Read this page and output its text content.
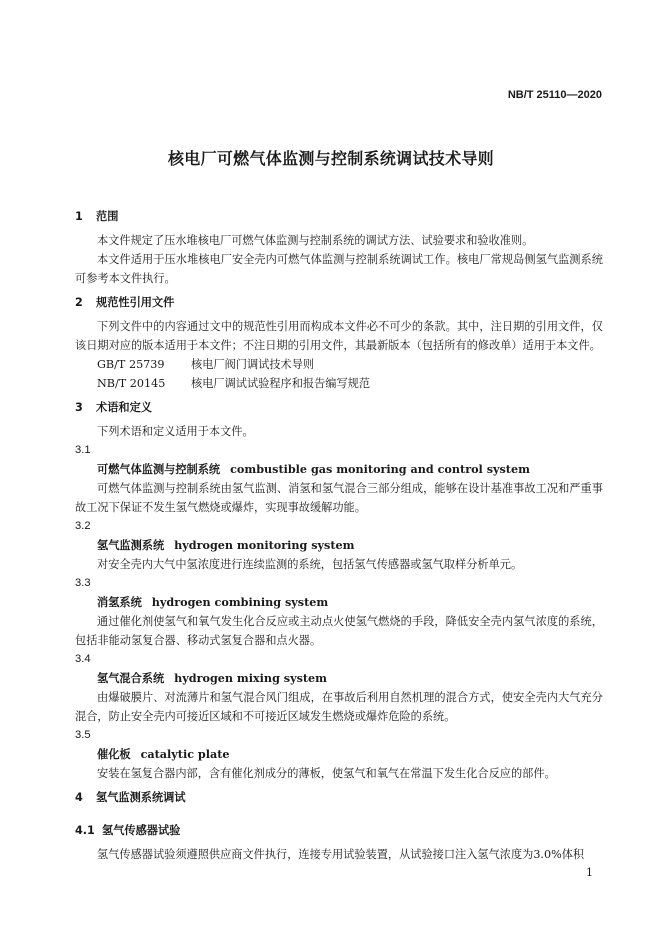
NB/T 25110—2020

核电厂可燃气体监测与控制系统调试技术导则

1 范围

本文件规定了压水堆核电厂可燃气体监测与控制系统的调试方法、试验要求和验收准则。

本文件适用于压水堆核电厂安全壳内可燃气体监测与控制系统调试工作。核电厂常规岛侧氢气监测系统可参考本文件执行。

2 规范性引用文件

下列文件中的内容通过文中的规范性引用而构成本文件必不可少的条款。其中，注日期的引用文件，仅该日期对应的版本适用于本文件；不注日期的引用文件，其最新版本（包括所有的修改单）适用于本文件。

GB/T 25739 核电厂阀门调试技术导则

NB/T 20145 核电厂调试试验程序和报告编写规范

3 术语和定义

下列术语和定义适用于本文件。

3.1

可燃气体监测与控制系统 combustible gas monitoring and control system

可燃气体监测与控制系统由氢气监测、消氢和氢气混合三部分组成，能够在设计基准事故工况和严重事故工况下保证不发生氢气燃烧或爆炸，实现事故缓解功能。

3.2

氢气监测系统 hydrogen monitoring system

对安全壳内大气中氢浓度进行连续监测的系统，包括氢气传感器或氢气取样分析单元。

3.3

消氢系统 hydrogen combining system

通过催化剂使氢气和氧气发生化合反应或主动点火使氢气燃烧的手段，降低安全壳内氢气浓度的系统，包括非能动氢复合器、移动式氢复合器和点火器。

3.4

氢气混合系统 hydrogen mixing system

由爆破膜片、对流薄片和氢气混合风门组成，在事故后利用自然机理的混合方式，使安全壳内大气充分混合，防止安全壳内可接近区域和不可接近区域发生燃烧或爆炸危险的系统。

3.5

催化板 catalytic plate

安装在氢复合器内部，含有催化剂成分的薄板，使氢气和氧气在常温下发生化合反应的部件。

4 氢气监测系统调试

4.1 氢气传感器试验

氢气传感器试验须遵照供应商文件执行，连接专用试验装置，从试验接口注入氢气浓度为3.0%体积

1
